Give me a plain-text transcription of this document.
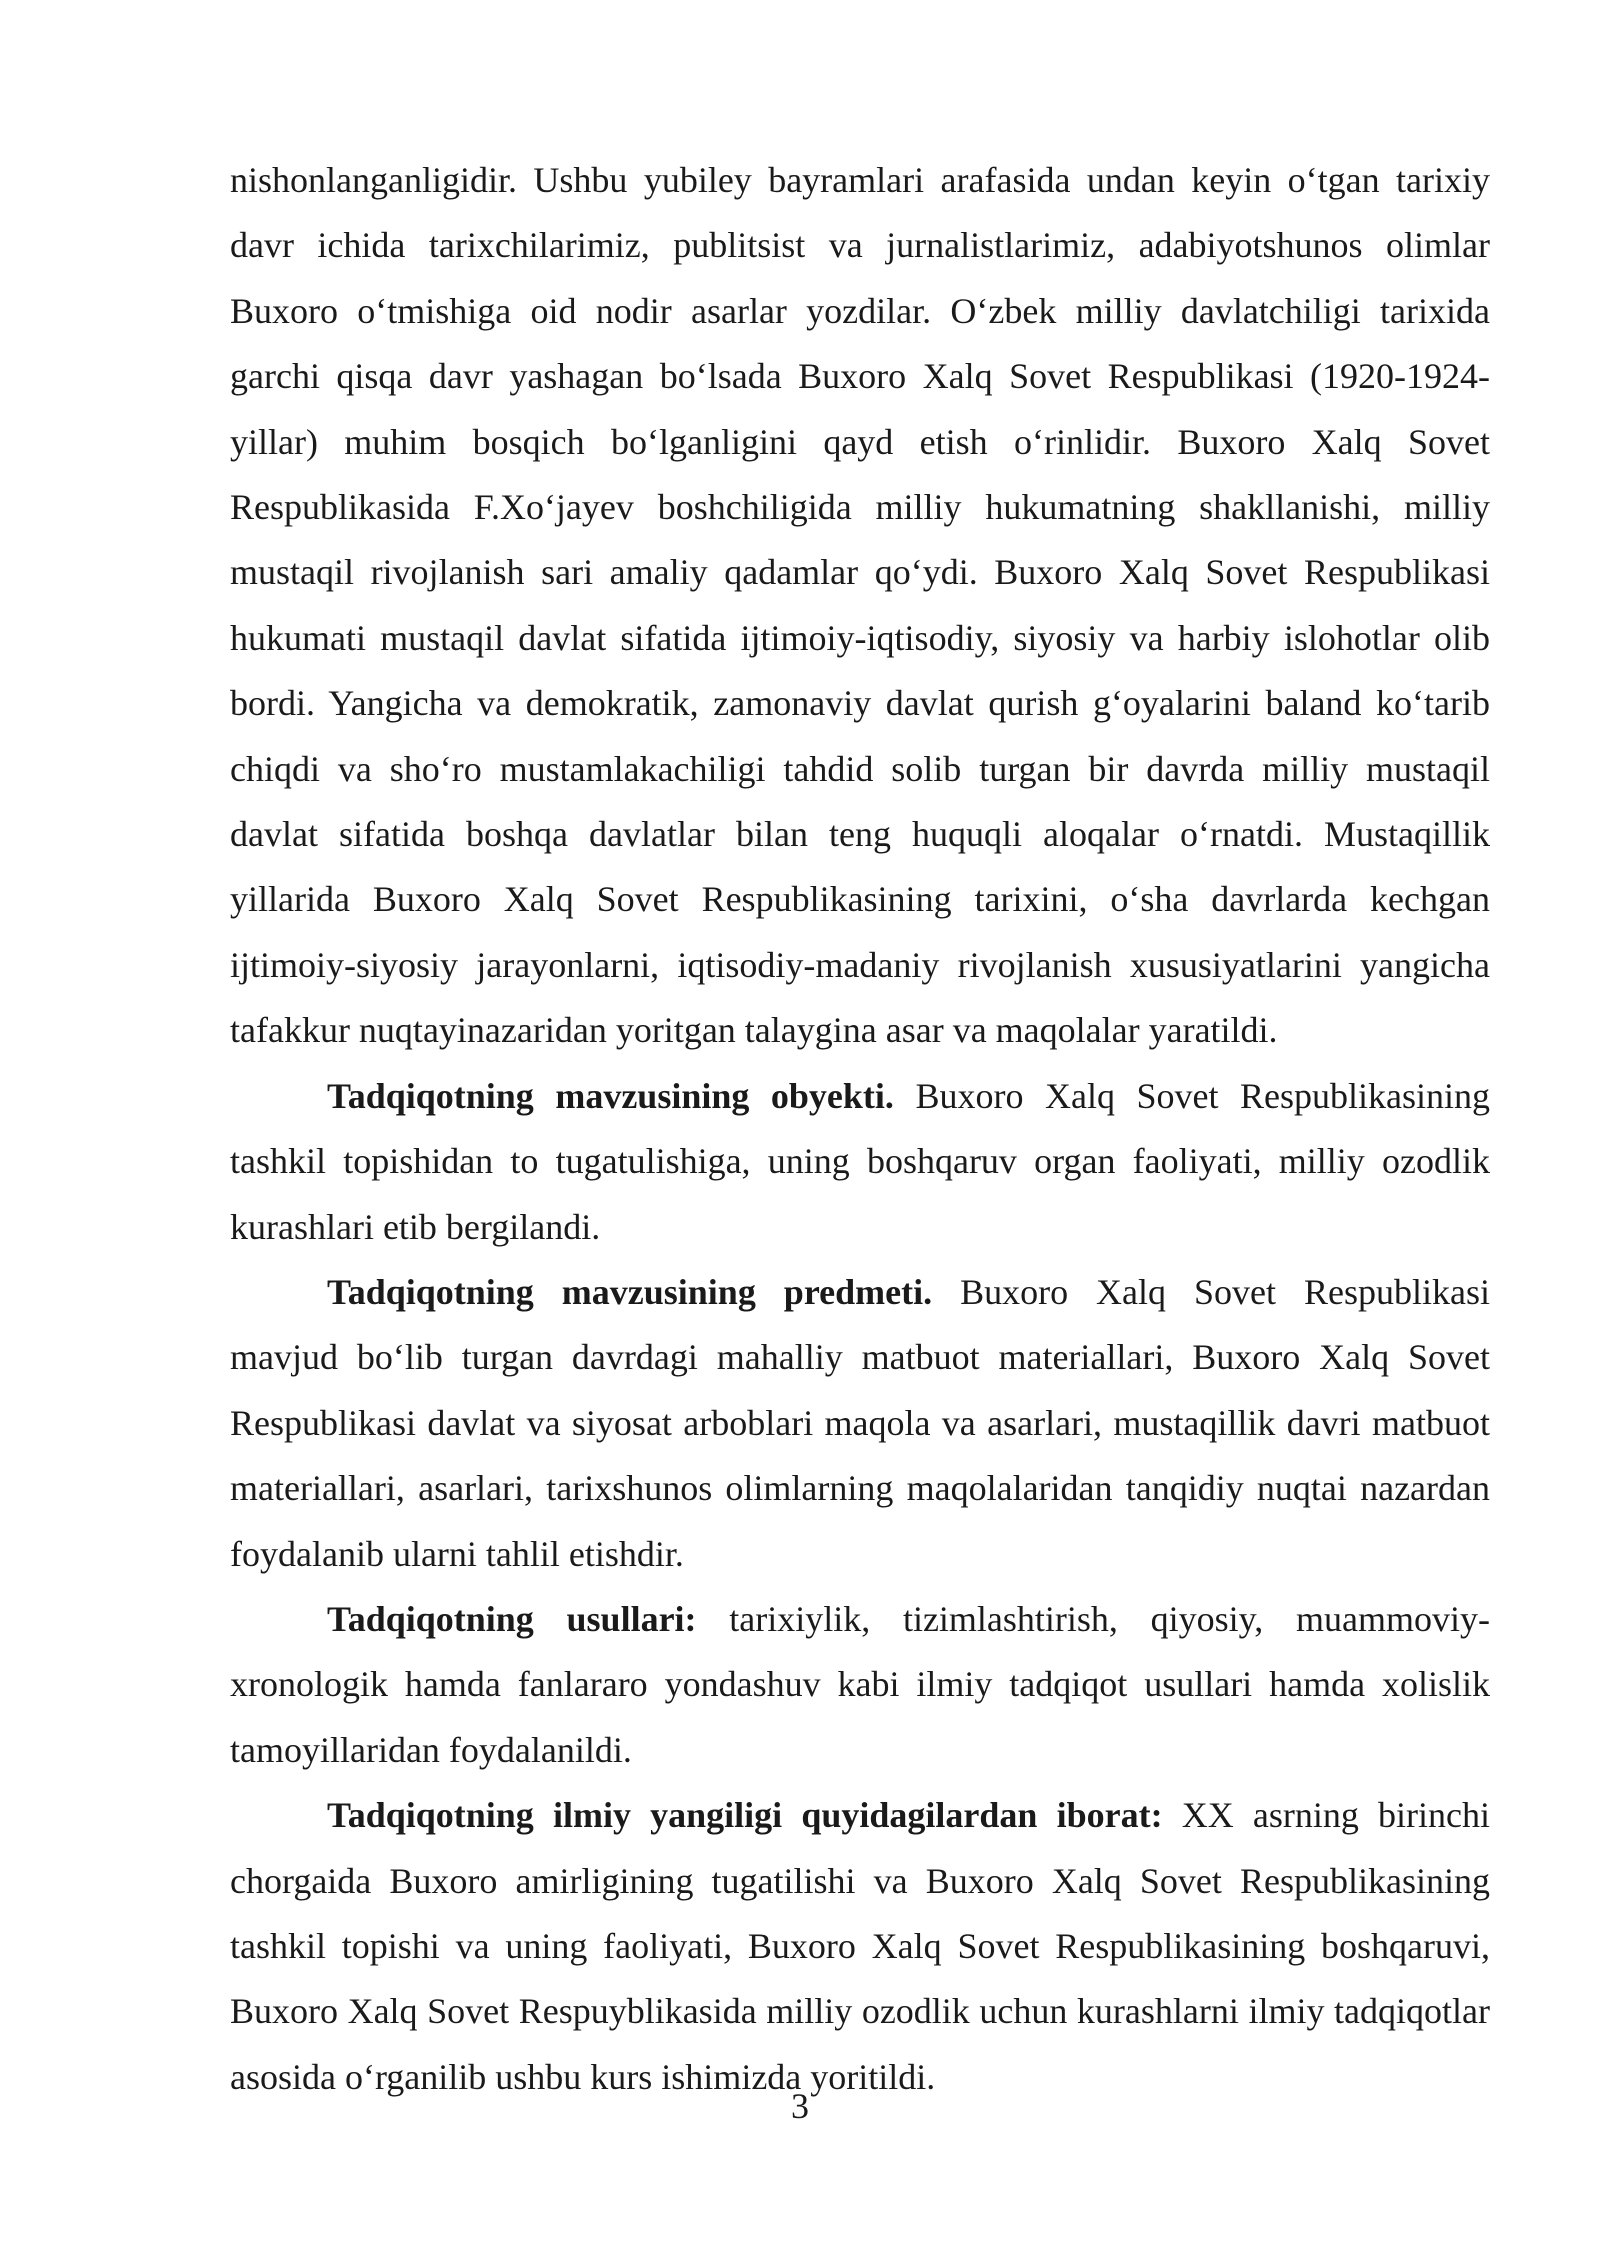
nishonlanganligidir. Ushbu yubiley bayramlari arafasida undan keyin o‘tgan tarixiy davr ichida tarixchilarimiz, publitsist va jurnalistlarimiz, adabiyotshunos olimlar Buxoro o‘tmishiga oid nodir asarlar yozdilar. O‘zbek milliy davlatchiligi tarixida garchi qisqa davr yashagan bo‘lsada Buxoro Xalq Sovet Respublikasi (1920-1924-yillar) muhim bosqich bo‘lganligini qayd etish o‘rinlidir. Buxoro Xalq Sovet Respublikasida F.Xo‘jayev boshchiligida milliy hukumatning shakllanishi, milliy mustaqil rivojlanish sari amaliy qadamlar qo‘ydi. Buxoro Xalq Sovet Respublikasi hukumati mustaqil davlat sifatida ijtimoiy-iqtisodiy, siyosiy va harbiy islohotlar olib bordi. Yangicha va demokratik, zamonaviy davlat qurish g‘oyalarini baland ko‘tarib chiqdi va sho‘ro mustamlakachiligi tahdid solib turgan bir davrda milliy mustaqil davlat sifatida boshqa davlatlar bilan teng huquqli aloqalar o‘rnatdi. Mustaqillik yillarida Buxoro Xalq Sovet Respublikasining tarixini, o‘sha davrlarda kechgan ijtimoiy-siyosiy jarayonlarni, iqtisodiy-madaniy rivojlanish xususiyatlarini yangicha tafakkur nuqtayinazaridan yoritgan talaygina asar va maqolalar yaratildi.

Tadqiqotning mavzusining obyekti. Buxoro Xalq Sovet Respublikasining tashkil topishidan to tugatulishiga, uning boshqaruv organ faoliyati, milliy ozodlik kurashlari etib bergilandi.

Tadqiqotning mavzusining predmeti. Buxoro Xalq Sovet Respublikasi mavjud bo‘lib turgan davrdagi mahalliy matbuot materiallari, Buxoro Xalq Sovet Respublikasi davlat va siyosat arboblari maqola va asarlari, mustaqillik davri matbuot materiallari, asarlari, tarixshunos olimlarning maqolalaridan tanqidiy nuqtai nazardan foydalanib ularni tahlil etishdir.

Tadqiqotning usullari: tarixiylik, tizimlashtirish, qiyosiy, muammoviy-xronologik hamda fanlararo yondashuv kabi ilmiy tadqiqot usullari hamda xolislik tamoyillaridan foydalanildi.

Tadqiqotning ilmiy yangiligi quyidagilardan iborat: XX asrning birinchi chorgaida Buxoro amirligining tugatilishi va Buxoro Xalq Sovet Respublikasining tashkil topishi va uning faoliyati, Buxoro Xalq Sovet Respublikasining boshqaruvi, Buxoro Xalq Sovet Respuyblikasida milliy ozodlik uchun kurashlarni ilmiy tadqiqotlar asosida o‘rganilib ushbu kurs ishimizda yoritildi.

3
